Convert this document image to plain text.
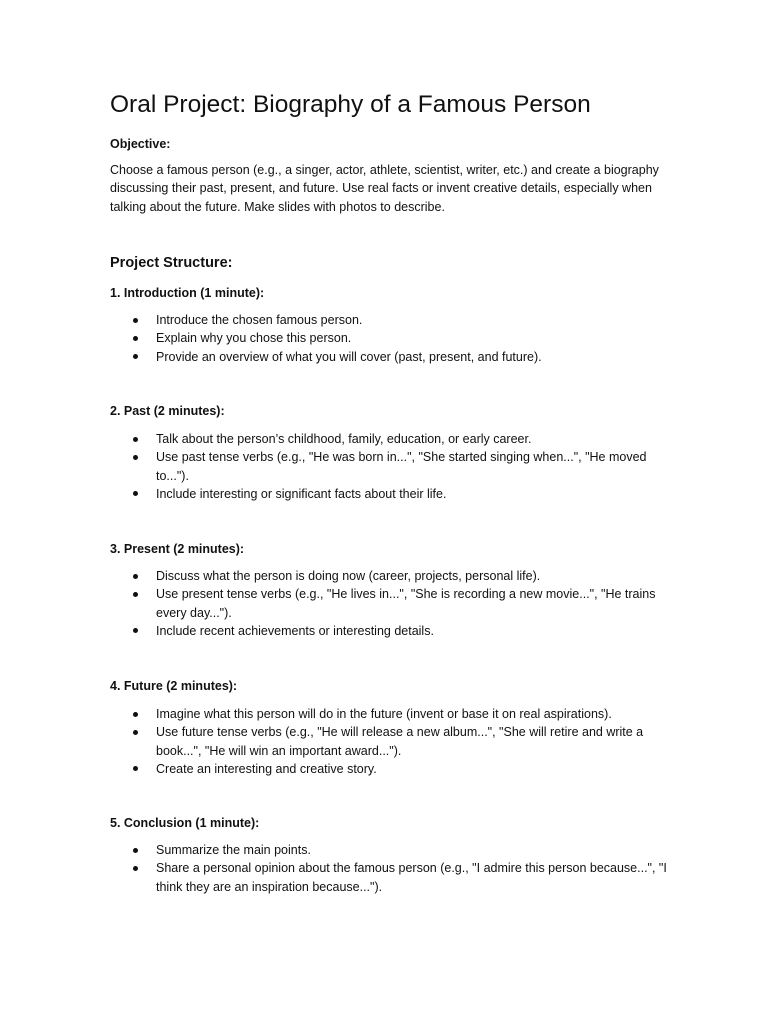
Oral Project: Biography of a Famous Person

Objective:

Choose a famous person (e.g., a singer, actor, athlete, scientist, writer, etc.) and create a biography discussing their past, present, and future. Use real facts or invent creative details, especially when talking about the future. Make slides with photos to describe.

Project Structure:

1. Introduction (1 minute):

Introduce the chosen famous person.
Explain why you chose this person.
Provide an overview of what you will cover (past, present, and future).

2. Past (2 minutes):

Talk about the person’s childhood, family, education, or early career.
Use past tense verbs (e.g., "He was born in...", "She started singing when...", "He moved to...").
Include interesting or significant facts about their life.

3. Present (2 minutes):

Discuss what the person is doing now (career, projects, personal life).
Use present tense verbs (e.g., "He lives in...", "She is recording a new movie...", "He trains every day...").
Include recent achievements or interesting details.

4. Future (2 minutes):

Imagine what this person will do in the future (invent or base it on real aspirations).
Use future tense verbs (e.g., "He will release a new album...", "She will retire and write a book...", "He will win an important award...").
Create an interesting and creative story.

5. Conclusion (1 minute):

Summarize the main points.
Share a personal opinion about the famous person (e.g., "I admire this person because...", "I think they are an inspiration because...").
